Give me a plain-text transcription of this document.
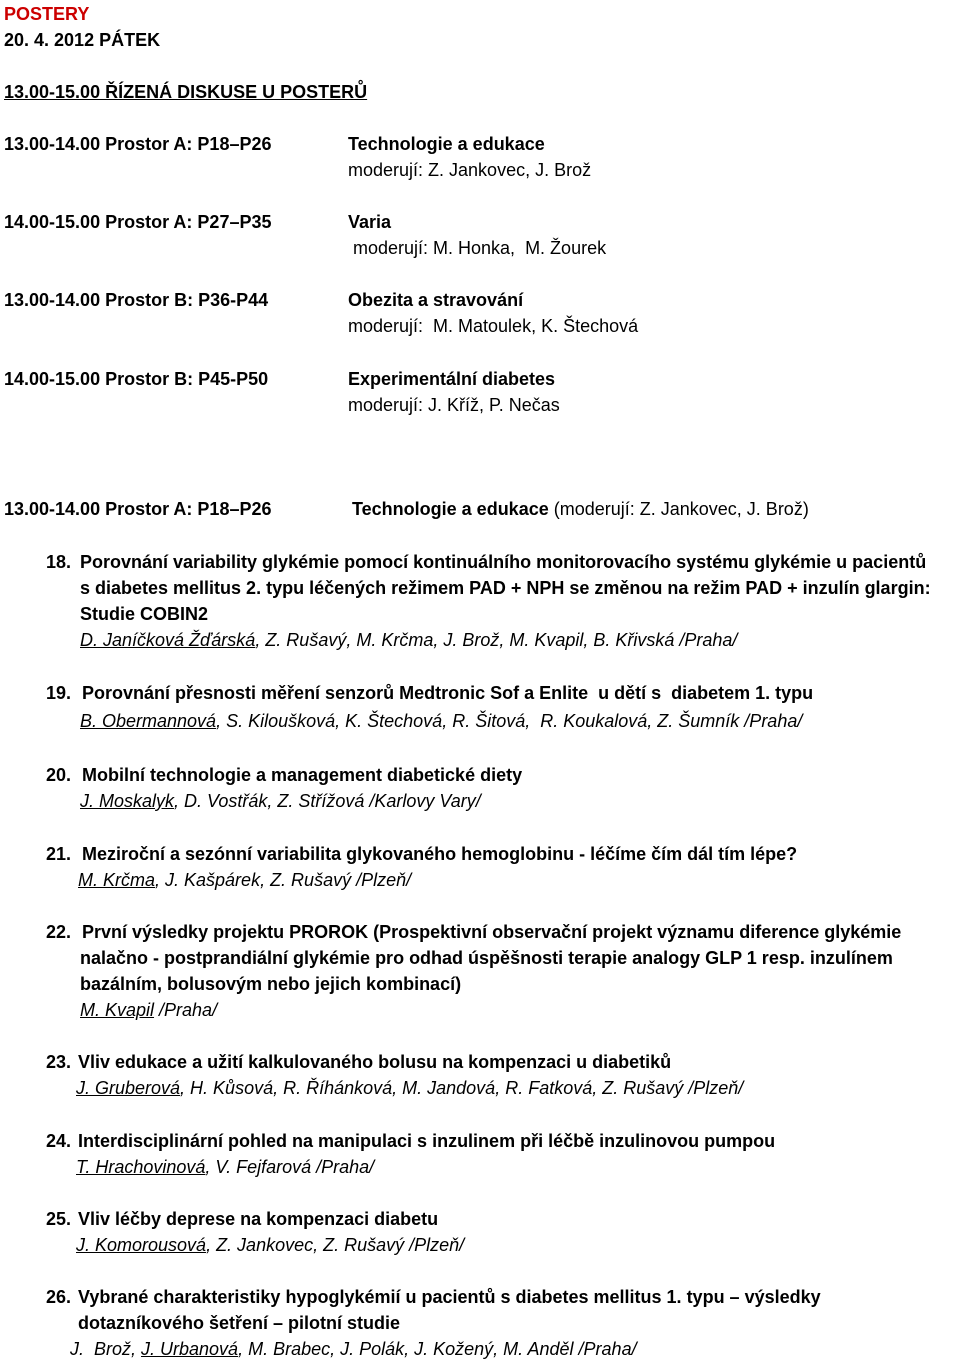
POSTERY
20. 4. 2012 PÁTEK
13.00-15.00 ŘÍZENÁ DISKUSE U POSTERŮ
13.00-14.00 Prostor A: P18–P26	Technologie a edukace
moderují: Z. Jankovec, J. Brož
14.00-15.00 Prostor A: P27–P35	Varia
moderují: M. Honka,  M. Žourek
13.00-14.00 Prostor B: P36-P44	Obezita a stravování
moderují:  M. Matoulek, K. Štechová
14.00-15.00 Prostor B: P45-P50	Experimentální diabetes
moderují: J. Kříž, P. Nečas
13.00-14.00 Prostor A: P18–P26	Technologie a edukace (moderují: Z. Jankovec, J. Brož)
18. Porovnání variability glykémie pomocí kontinuálního monitorovacího systému glykémie u pacientů
s diabetes mellitus 2. typu léčených režimem PAD + NPH se změnou na režim PAD + inzulín glargin:
Studie COBIN2
D. Janíčková Žďárská, Z. Rušavý, M. Krčma, J. Brož, M. Kvapil, B. Křivská /Praha/
19. Porovnání přesnosti měření senzorů Medtronic Sof a Enlite  u dětí s  diabetem 1. typu
B. Obermannová, S. Kiloušková, K. Štechová, R. Šitová,  R. Koukalová, Z. Šumník /Praha/
20. Mobilní technologie a management diabetické diety
J. Moskalyk, D. Vostřák, Z. Střížová /Karlovy Vary/
21. Meziroční a sezónní variabilita glykovaného hemoglobinu - léčíme čím dál tím lépe?
M. Krčma, J. Kašpárek, Z. Rušavý /Plzeň/
22. První výsledky projektu PROROK (Prospektivní observační projekt významu diference glykémie
nalačno - postprandiální glykémie pro odhad úspěšnosti terapie analogy GLP 1 resp. inzulínem
bazálním, bolusovým nebo jejich kombinací)
M. Kvapil /Praha/
23. Vliv edukace a užití kalkulovaného bolusu na kompenzaci u diabetiků
J. Gruberová, H. Kůsová, R. Říhánková, M. Jandová, R. Fatková, Z. Rušavý /Plzeň/
24. Interdisciplinární pohled na manipulaci s inzulinem při léčbě inzulinovou pumpou
T. Hrachovinová, V. Fejfarová /Praha/
25. Vliv léčby deprese na kompenzaci diabetu
J. Komorousová, Z. Jankovec, Z. Rušavý /Plzeň/
26. Vybrané charakteristiky hypoglykémií u pacientů s diabetes mellitus 1. typu – výsledky
dotazníkového šetření – pilotní studie
J.  Brož, J. Urbanová, M. Brabec, J. Polák, J. Kožený, M. Anděl /Praha/
